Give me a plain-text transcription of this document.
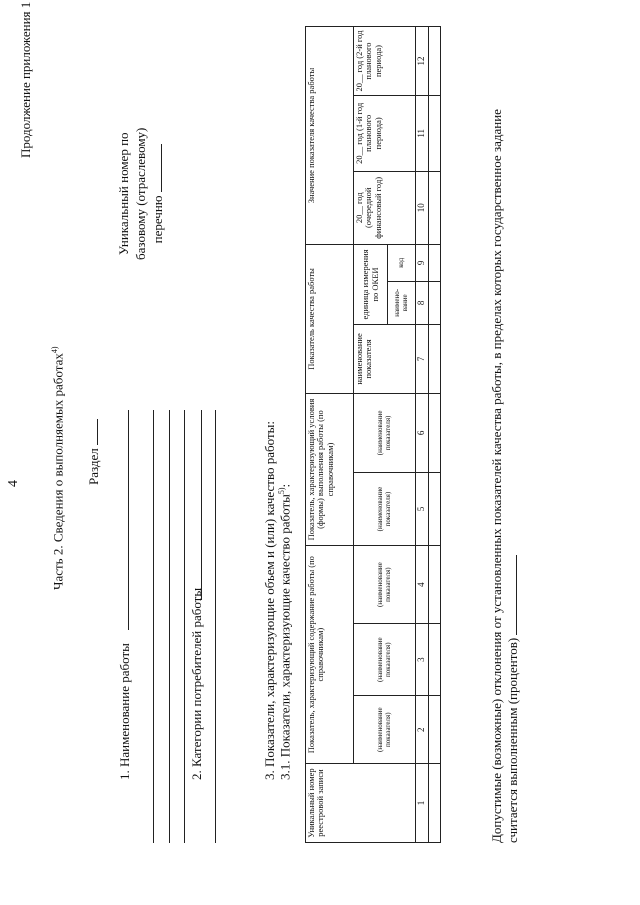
4
Продолжение приложения 1
Часть 2. Сведения о выполняемых работах$^{4)}$
Раздел
Уникальный номер по базовому (отраслевому) перечню
1. Наименование работы	2. Категории потребителей работы	3. Показатели, характеризующие объем и (или) качество работы: 3.1. Показатели, характеризующие качество работы$^{5)}$:
Уникальный номер реестровой записи	Показатель, характеризующий содержание работы (по справочникам)			Показатель, характеризующий условия (формы) выполнения работы (по справочникам)		Показатель качества работы			Значение показателя качества работы		
	(наименование показателя)	(наименование показателя)	(наименование показателя)	(наименование показателя)	(наименование показателя)	наименование показателя	единица измерения по ОКЕИ		20__ год (очередной финансовый год)	20__ год (1-й год планового периода)	20__ год (2-й год планового периода)
							наимено-вание	код			
1	2	3	4	5	6	7	8	9	10	11	12

Допустимые (возможные) отклонения от установленных показателей качества работы, в пределах которых государственное задание считается выполненным (процентов)
